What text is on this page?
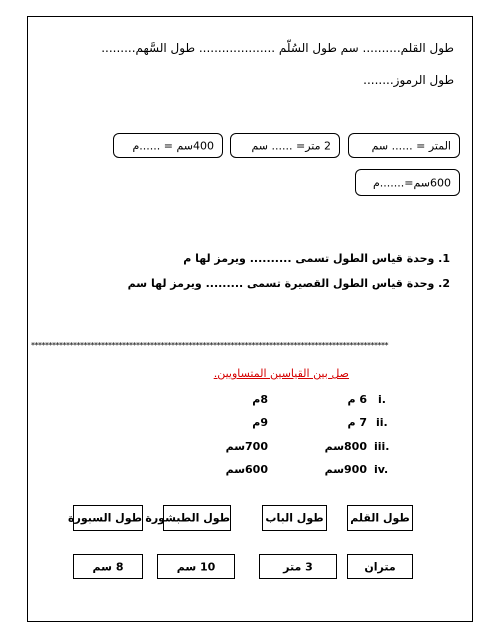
طول القلم.......... سم طول السُلّم .................... طول السَّهم.........
طول الرموز........
المتر = ...... سم
2 متر= ...... سم
400سم = ......م
600سم=.......م
1. وحدة قياس الطول تسمى .......... ويرمز لها م
2. وحدة قياس الطول القصيرة تسمى ......... ويرمز لها سم
******************************************************************************************************
صل بين القياسين المتساويين.
i.
6 م
8م
ii.
7 م
9م
iii.
800سم
700سم
iv.
900سم
600سم
طول القلم
طول الباب
طول الطبشورة
طول السبورة
متران
3 متر
10 سم
8 سم
